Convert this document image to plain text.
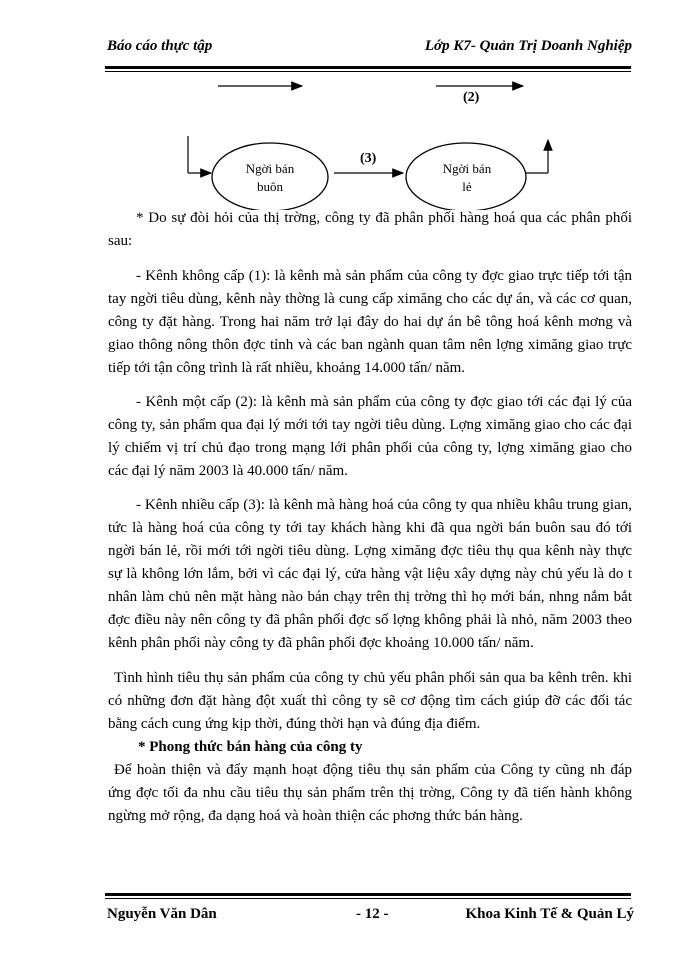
Báo cáo thực tập	Lớp K7- Quản Trị Doanh Nghiệp
(2)
(3)
Ngời bán
buôn
Ngời bán
lẻ

* Do sự đòi hỏi của thị trờng, công ty đã phân phối hàng hoá qua các phân phối sau:

- Kênh không cấp (1): là kênh mà sản phẩm của công ty đợc giao trực tiếp tới tận tay ngời tiêu dùng, kênh này thờng là cung cấp ximăng cho các dự án, và các cơ quan, công ty đặt hàng. Trong hai năm trở lại đây do hai dự án bê tông hoá kênh mơng và giao thông nông thôn đợc tỉnh và các ban ngành quan tâm nên lợng ximăng giao trực tiếp tới tận công trình là rất nhiều, khoảng 14.000 tấn/ năm.

- Kênh một cấp (2): là kênh mà sản phẩm của công ty đợc giao tới các đại lý của công ty, sản phẩm qua đại lý mới tới tay ngời tiêu dùng. Lợng ximăng giao cho các đại lý chiếm vị trí chủ đạo trong mạng lới phân phối của công ty, lợng ximăng giao cho các đại lý năm 2003 là 40.000 tấn/ năm.

- Kênh nhiều cấp (3): là kênh mà hàng hoá của công ty qua nhiều khâu trung gian, tức là hàng hoá của công ty tới tay khách hàng khi đã qua ngời bán buôn sau đó tới ngời bán lẻ, rồi mới tới ngời tiêu dùng. Lợng ximăng đợc tiêu thụ qua kênh này thực sự là không lớn lắm, bởi vì các đại lý, cửa hàng vật liệu xây dựng này chủ yếu là do t nhân làm chủ nên mặt hàng nào bán chạy trên thị trờng thì họ mới bán, nhng nắm bắt đợc điều này nên công ty đã phân phối đợc số lợng không phải là nhỏ, năm 2003 theo kênh phân phối này công ty đã phân phối đợc khoảng 10.000 tấn/ năm.

Tình hình tiêu thụ sản phẩm của công ty chủ yếu phân phối sản qua ba kênh trên. khi có những đơn đặt hàng đột xuất thì công ty sẽ cơ động tìm cách giúp đỡ các đối tác bằng cách cung ứng kịp thời, đúng thời hạn và đúng địa điểm.

* Phong thức bán hàng của công ty

Để hoàn thiện và đẩy mạnh hoạt động tiêu thụ sản phẩm của Công ty cũng nh đáp ứng đợc tối đa nhu cầu tiêu thụ sản phẩm trên thị trờng, Công ty đã tiến hành không ngừng mở rộng, đa dạng hoá và hoàn thiện các phơng thức bán hàng.

Nguyễn Văn Dân	- 12 -	Khoa Kinh Tế & Quản Lý
